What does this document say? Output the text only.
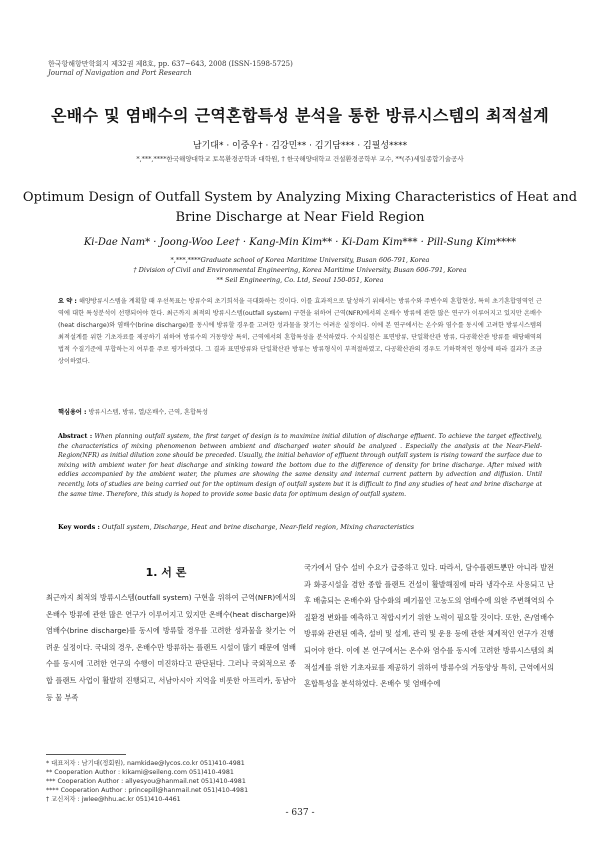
한국항해항만학회지 제32권 제8호, pp. 637~643, 2008 (ISSN-1598-5725)
Journal of Navigation and Port Research
온배수 및 염배수의 근역혼합특성 분석을 통한 방류시스템의 최적설계
남기대* · 이중우† · 김강민** · 김기담*** · 김필성****
*,***,****한국해양대학교 토목환경공학과 대학원, † 한국해양대학교 건설환경공학부 교수, **(주)세일종합기술공사
Optimum Design of Outfall System by Analyzing Mixing Characteristics of Heat and
Brine Discharge at Near Field Region
Ki-Dae Nam* · Joong-Woo Lee† · Kang-Min Kim** · Ki-Dam Kim*** · Pill-Sung Kim****
*,***,****Graduate school of Korea Maritime University, Busan 606-791, Korea
† Division of Civil and Environmental Engineering, Korea Maritime University, Busan 606-791, Korea
** Seil Engineering, Co. Ltd, Seoul 150-051, Korea
요 약 : 해양방류시스템을 계획할 때 우선목표는 방류수의 초기희석을 극대화하는 것이다. 이를 효과적으로 달성하기 위해서는 방류수와 주변수의 혼합현상, 특히 초기혼합영역인 근역에 대한 특성분석이 선행되어야 한다. 최근까지 최적의 방류시스템(outfall system) 구현을 위하여 근역(NFR)에서의 온배수 방류에 관한 많은 연구가 이루어지고 있지만 온배수(heat discharge)와 염배수(brine discharge)를 동시에 방류할 경우를 고려한 성과물을 찾기는 어려운 실정이다. 이에 본 연구에서는 온수와 염수를 동시에 고려한 방류시스템의 최적설계를 위한 기초자료를 제공하기 위하여 방류수의 거동양상 특히, 근역에서의 혼합특성을 분석하였다. 수치실험은 표면방류, 단일확산관 방류, 다공확산관 방류를 해당해역의 법적 수질기준에 부합하는지 여부를 주로 평가하였다. 그 결과 표면방류와 단일확산관 방류는 방류형식이 부적절하였고, 다공확산관의 경우도 기하학적인 형상에 따라 결과가 조금 상이하였다.
핵심용어 : 방류시스템, 방류, 열/온배수, 근역, 혼합특성
Abstract : When planning outfall system, the first target of design is to maximize initial dilution of discharge effluent. To achieve the target effectively, the characteristics of mixing phenomenon between ambient and discharged water should be analyzed . Especially the analysis at the Near-Field-Region(NFR) as initial dilution zone should be preceded. Usually, the initial behavior of effluent through outfall system is rising toward the surface due to mixing with ambient water for heat discharge and sinking toward the bottom due to the difference of density for brine discharge. After mixed with eddies accompanied by the ambient water, the plumes are showing the same density and internal current pattern by advection and diffusion. Until recently, lots of studies are being carried out for the optimum design of outfall system but it is difficult to find any studies of heat and brine discharge at the same time. Therefore, this study is hoped to provide some basic data for optimum design of outfall system.
Key words : Outfall system, Discharge, Heat and brine discharge, Near-field region, Mixing characteristics
1. 서 론
최근까지 최적의 방류시스템(outfall system) 구현을 위하여 근역(NFR)에서의 온배수 방류에 관한 많은 연구가 이루어지고 있지만 온배수(heat discharge)와 염배수(brine discharge)를 동시에 방류할 경우를 고려한 성과물을 찾기는 어려운 실정이다. 국내의 경우, 온배수만 방류하는 플랜트 시설이 많기 때문에 염배수를 동시에 고려한 연구의 수행이 미진하다고 판단된다. 그러나 국외적으로 종합 플랜트 사업이 활발히 진행되고, 서남아시아 지역을 비롯한 아프리카, 동남아 등 물 부족
국가에서 담수 설비 수요가 급증하고 있다. 따라서, 담수플랜트뿐만 아니라 발전과 화공시설을 겸한 종합 플랜트 건설이 활발해짐에 따라 냉각수로 사용되고 난 후 배출되는 온배수와 담수화의 폐기물인 고농도의 염배수에 의한 주변해역의 수질환경 변화를 예측하고 적합시키기 위한 노력이 필요할 것이다. 또한, 온/염배수 방류와 관련된 예측, 설비 및 설계, 관리 및 운용 등에 관한 체계적인 연구가 진행되어야 한다. 이에 본 연구에서는 온수와 염수를 동시에 고려한 방류시스템의 최적설계를 위한 기초자료를 제공하기 위하여 방류수의 거동양상 특히, 근역에서의 혼합특성을 분석하였다. 온배수 및 염배수에
* 대표저자 : 남기대(정회원), namkidae@lycos.co.kr 051)410-4981
** Cooperation Author : kikami@seileng.com 051)410-4981
*** Cooperation Author : allyesyou@hanmail.net 051)410-4981
**** Cooperation Author : princepill@hanmail.net 051)410-4981
† 교신저자 : jwlee@hhu.ac.kr 051)410-4461
- 637 -
